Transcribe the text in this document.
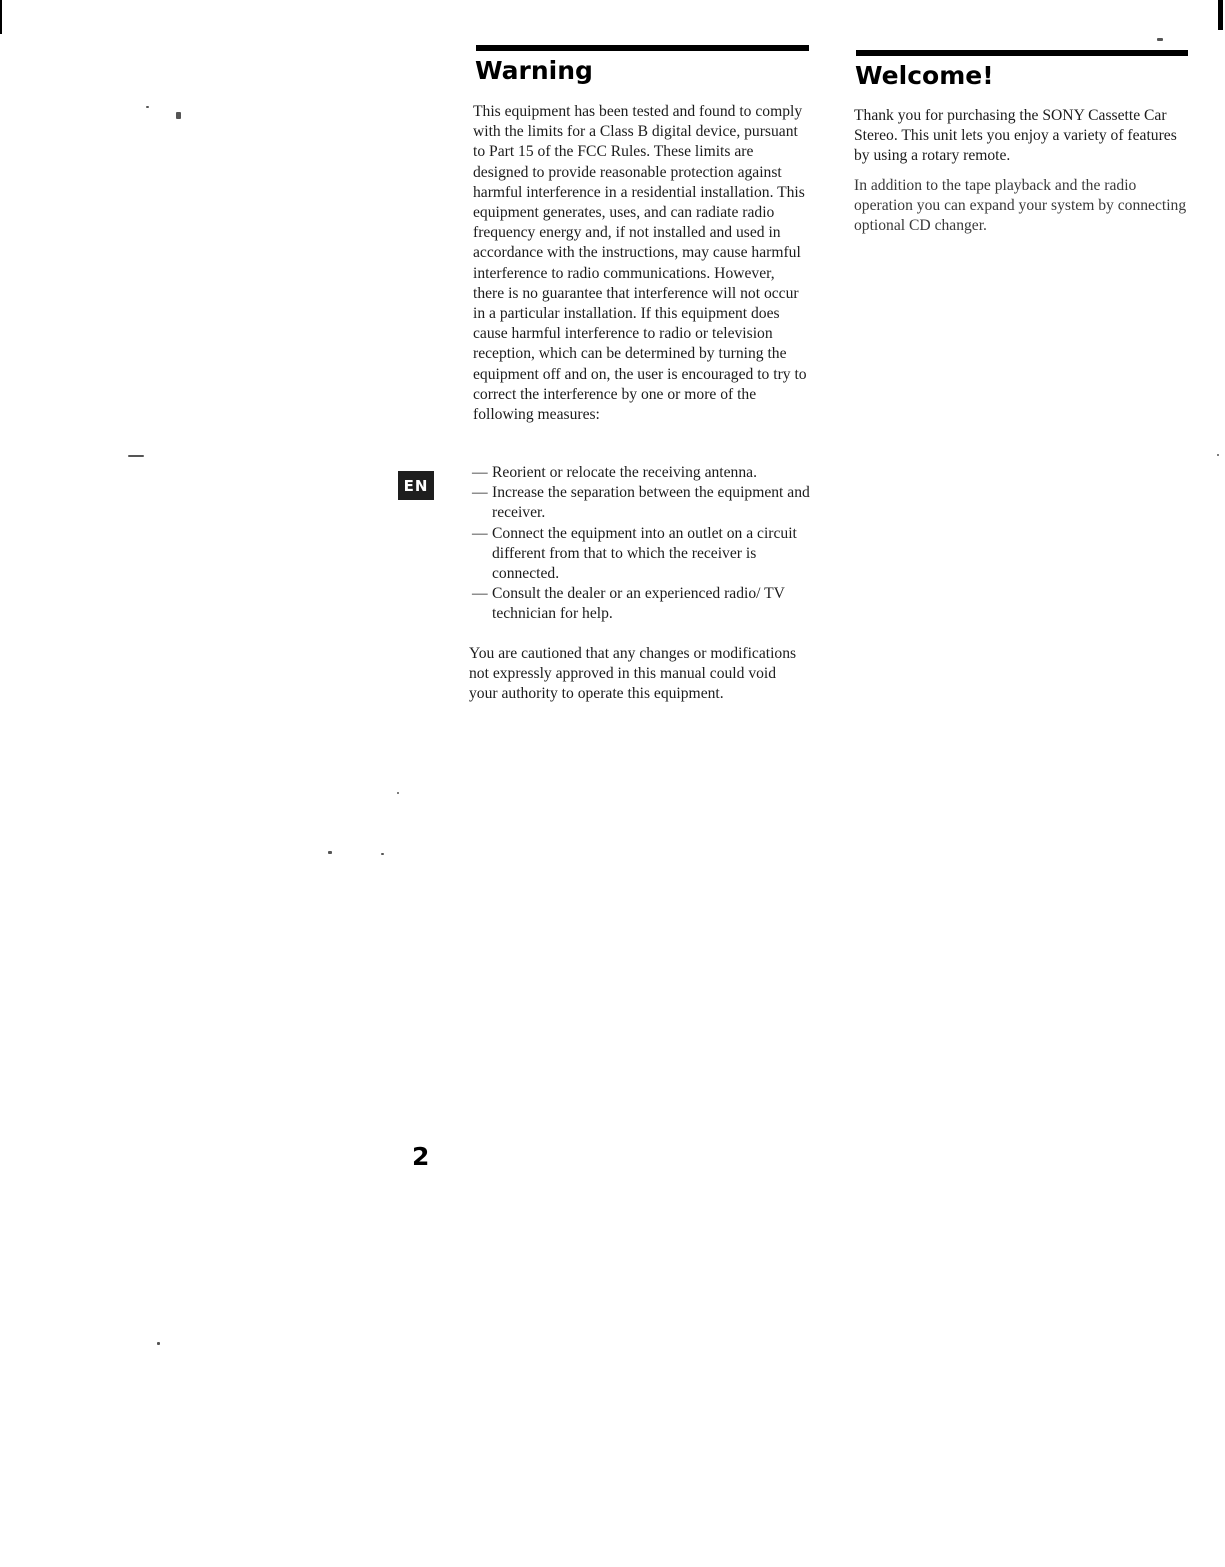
Warning

This equipment has been tested and found to comply with the limits for a Class B digital device, pursuant to Part 15 of the FCC Rules. These limits are designed to provide reasonable protection against harmful interference in a residential installation. This equipment generates, uses, and can radiate radio frequency energy and, if not installed and used in accordance with the instructions, may cause harmful interference to radio communications. However, there is no guarantee that interference will not occur in a particular installation. If this equipment does cause harmful interference to radio or television reception, which can be determined by turning the equipment off and on, the user is encouraged to try to correct the interference by one or more of the following measures:

— Reorient or relocate the receiving antenna.
— Increase the separation between the equipment and receiver.
— Connect the equipment into an outlet on a circuit different from that to which the receiver is connected.
— Consult the dealer or an experienced radio/ TV technician for help.

You are cautioned that any changes or modifications not expressly approved in this manual could void your authority to operate this equipment.

EN
Welcome!

Thank you for purchasing the SONY Cassette Car Stereo. This unit lets you enjoy a variety of features by using a rotary remote.

In addition to the tape playback and the radio operation you can expand your system by connecting optional CD changer.

2
